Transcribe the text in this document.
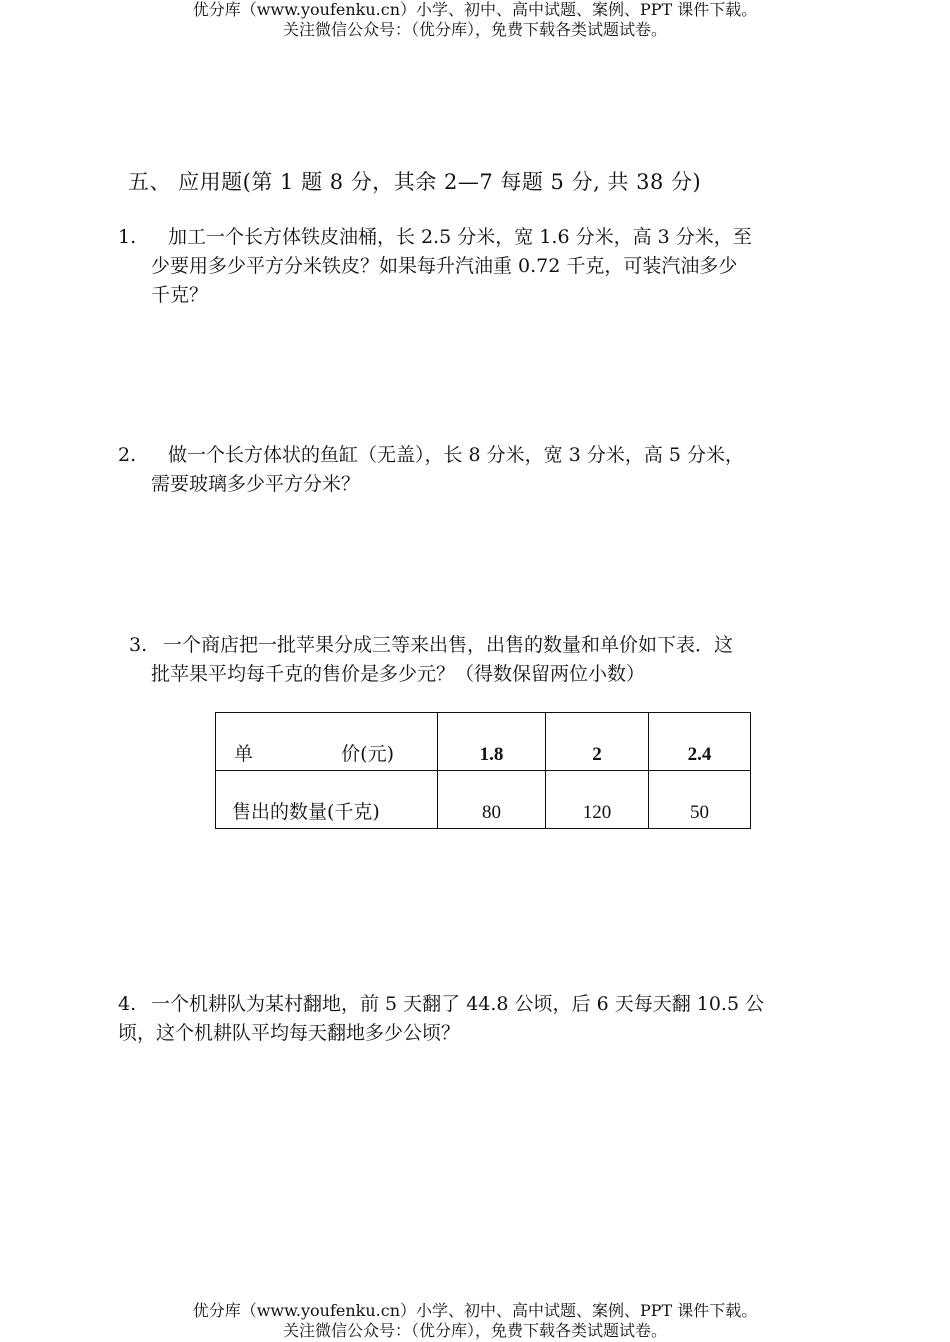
优分库（www.youfenku.cn）小学、初中、高中试题、案例、PPT 课件下载。
关注微信公众号：（优分库），免费下载各类试题试卷。
五、 应用题(第 1 题 8 分，其余 2—7 每题 5 分, 共 38 分)
1.	加工一个长方体铁皮油桶，长 2.5 分米，宽 1.6 分米，高 3 分米，至
少要用多少平方分米铁皮？如果每升汽油重 0.72 千克，可装汽油多少
千克？
2.	做一个长方体状的鱼缸（无盖），长 8 分米，宽 3 分米，高 5 分米，
需要玻璃多少平方分米？
3. 一个商店把一批苹果分成三等来出售，出售的数量和单价如下表．这
批苹果平均每千克的售价是多少元？（得数保留两位小数）
单 价(元)	1.8	2	2.4
售出的数量(千克)	80	120	50
4. 一个机耕队为某村翻地，前 5 天翻了 44.8 公顷，后 6 天每天翻 10.5 公
顷，这个机耕队平均每天翻地多少公顷？
优分库（www.youfenku.cn）小学、初中、高中试题、案例、PPT 课件下载。
关注微信公众号：（优分库），免费下载各类试题试卷。
